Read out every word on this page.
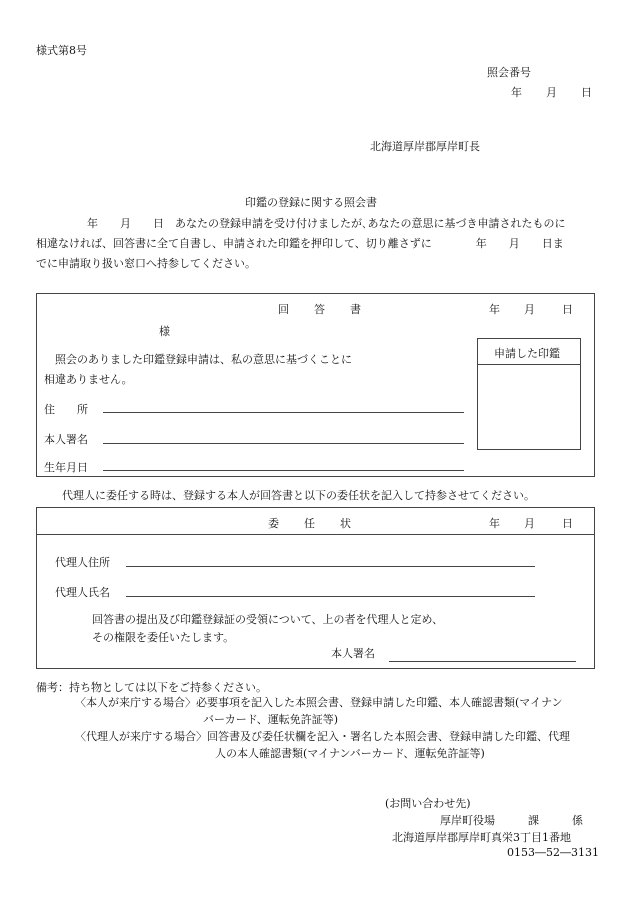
様式第8号
照会番号
年 月 日
北海道厚岸郡厚岸町長
印鑑の登録に関する照会書
年　　月　　日　あなたの登録申請を受け付けましたが､あなたの意思に基づき申請されたものに
相違なければ、回答書に全て自書し、申請された印鑑を押印して、切り離さずに　　　　年　　月　　日ま
でに申請取り扱い窓口へ持参してください。
回　答　書	年 月 日
様
申請した印鑑
照会のありました印鑑登録申請は、私の意思に基づくことに
相違ありません。
住　　所
本人署名
生年月日
代理人に委任する時は、登録する本人が回答書と以下の委任状を記入して持参させてください。
委　任　状	年 月 日
代理人住所
代理人氏名
回答書の提出及び印鑑登録証の受領について、上の者を代理人と定め、
その権限を委任いたします。
本人署名
備考：持ち物としては以下をご持参ください。
〈本人が来庁する場合〉必要事項を記入した本照会書、登録申請した印鑑、本人確認書類(マイナン
バーカード、運転免許証等)
〈代理人が来庁する場合〉回答書及び委任状欄を記入・署名した本照会書、登録申請した印鑑、代理
人の本人確認書類(マイナンバーカード、運転免許証等)
(お問い合わせ先)
厚岸町役場　　　課　　　係
北海道厚岸郡厚岸町真栄3丁目1番地
0153―52―3131
